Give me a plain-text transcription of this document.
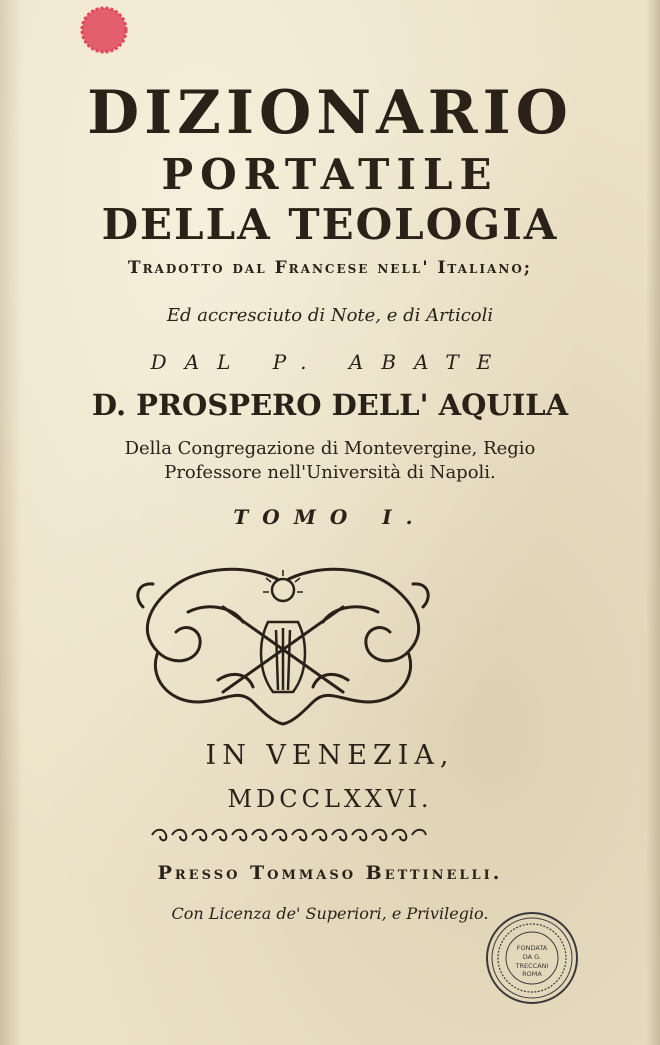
DIZIONARIO
PORTATILE
DELLA TEOLOGIA
Tradotto dal Francese nell' Italiano;
Ed accresciuto di Note, e di Articoli
DAL P. ABATE
D. PROSPERO DELL' AQUILA
Della Congregazione di Montevergine, Regio
Professore nell'Università di Napoli.
TOMO I.
IN VENEZIA,
MDCCLXXVI.
Presso Tommaso Bettinelli.
Con Licenza de' Superiori, e Privilegio.
FONDATA
DA G.
TRECCANI
ROMA
